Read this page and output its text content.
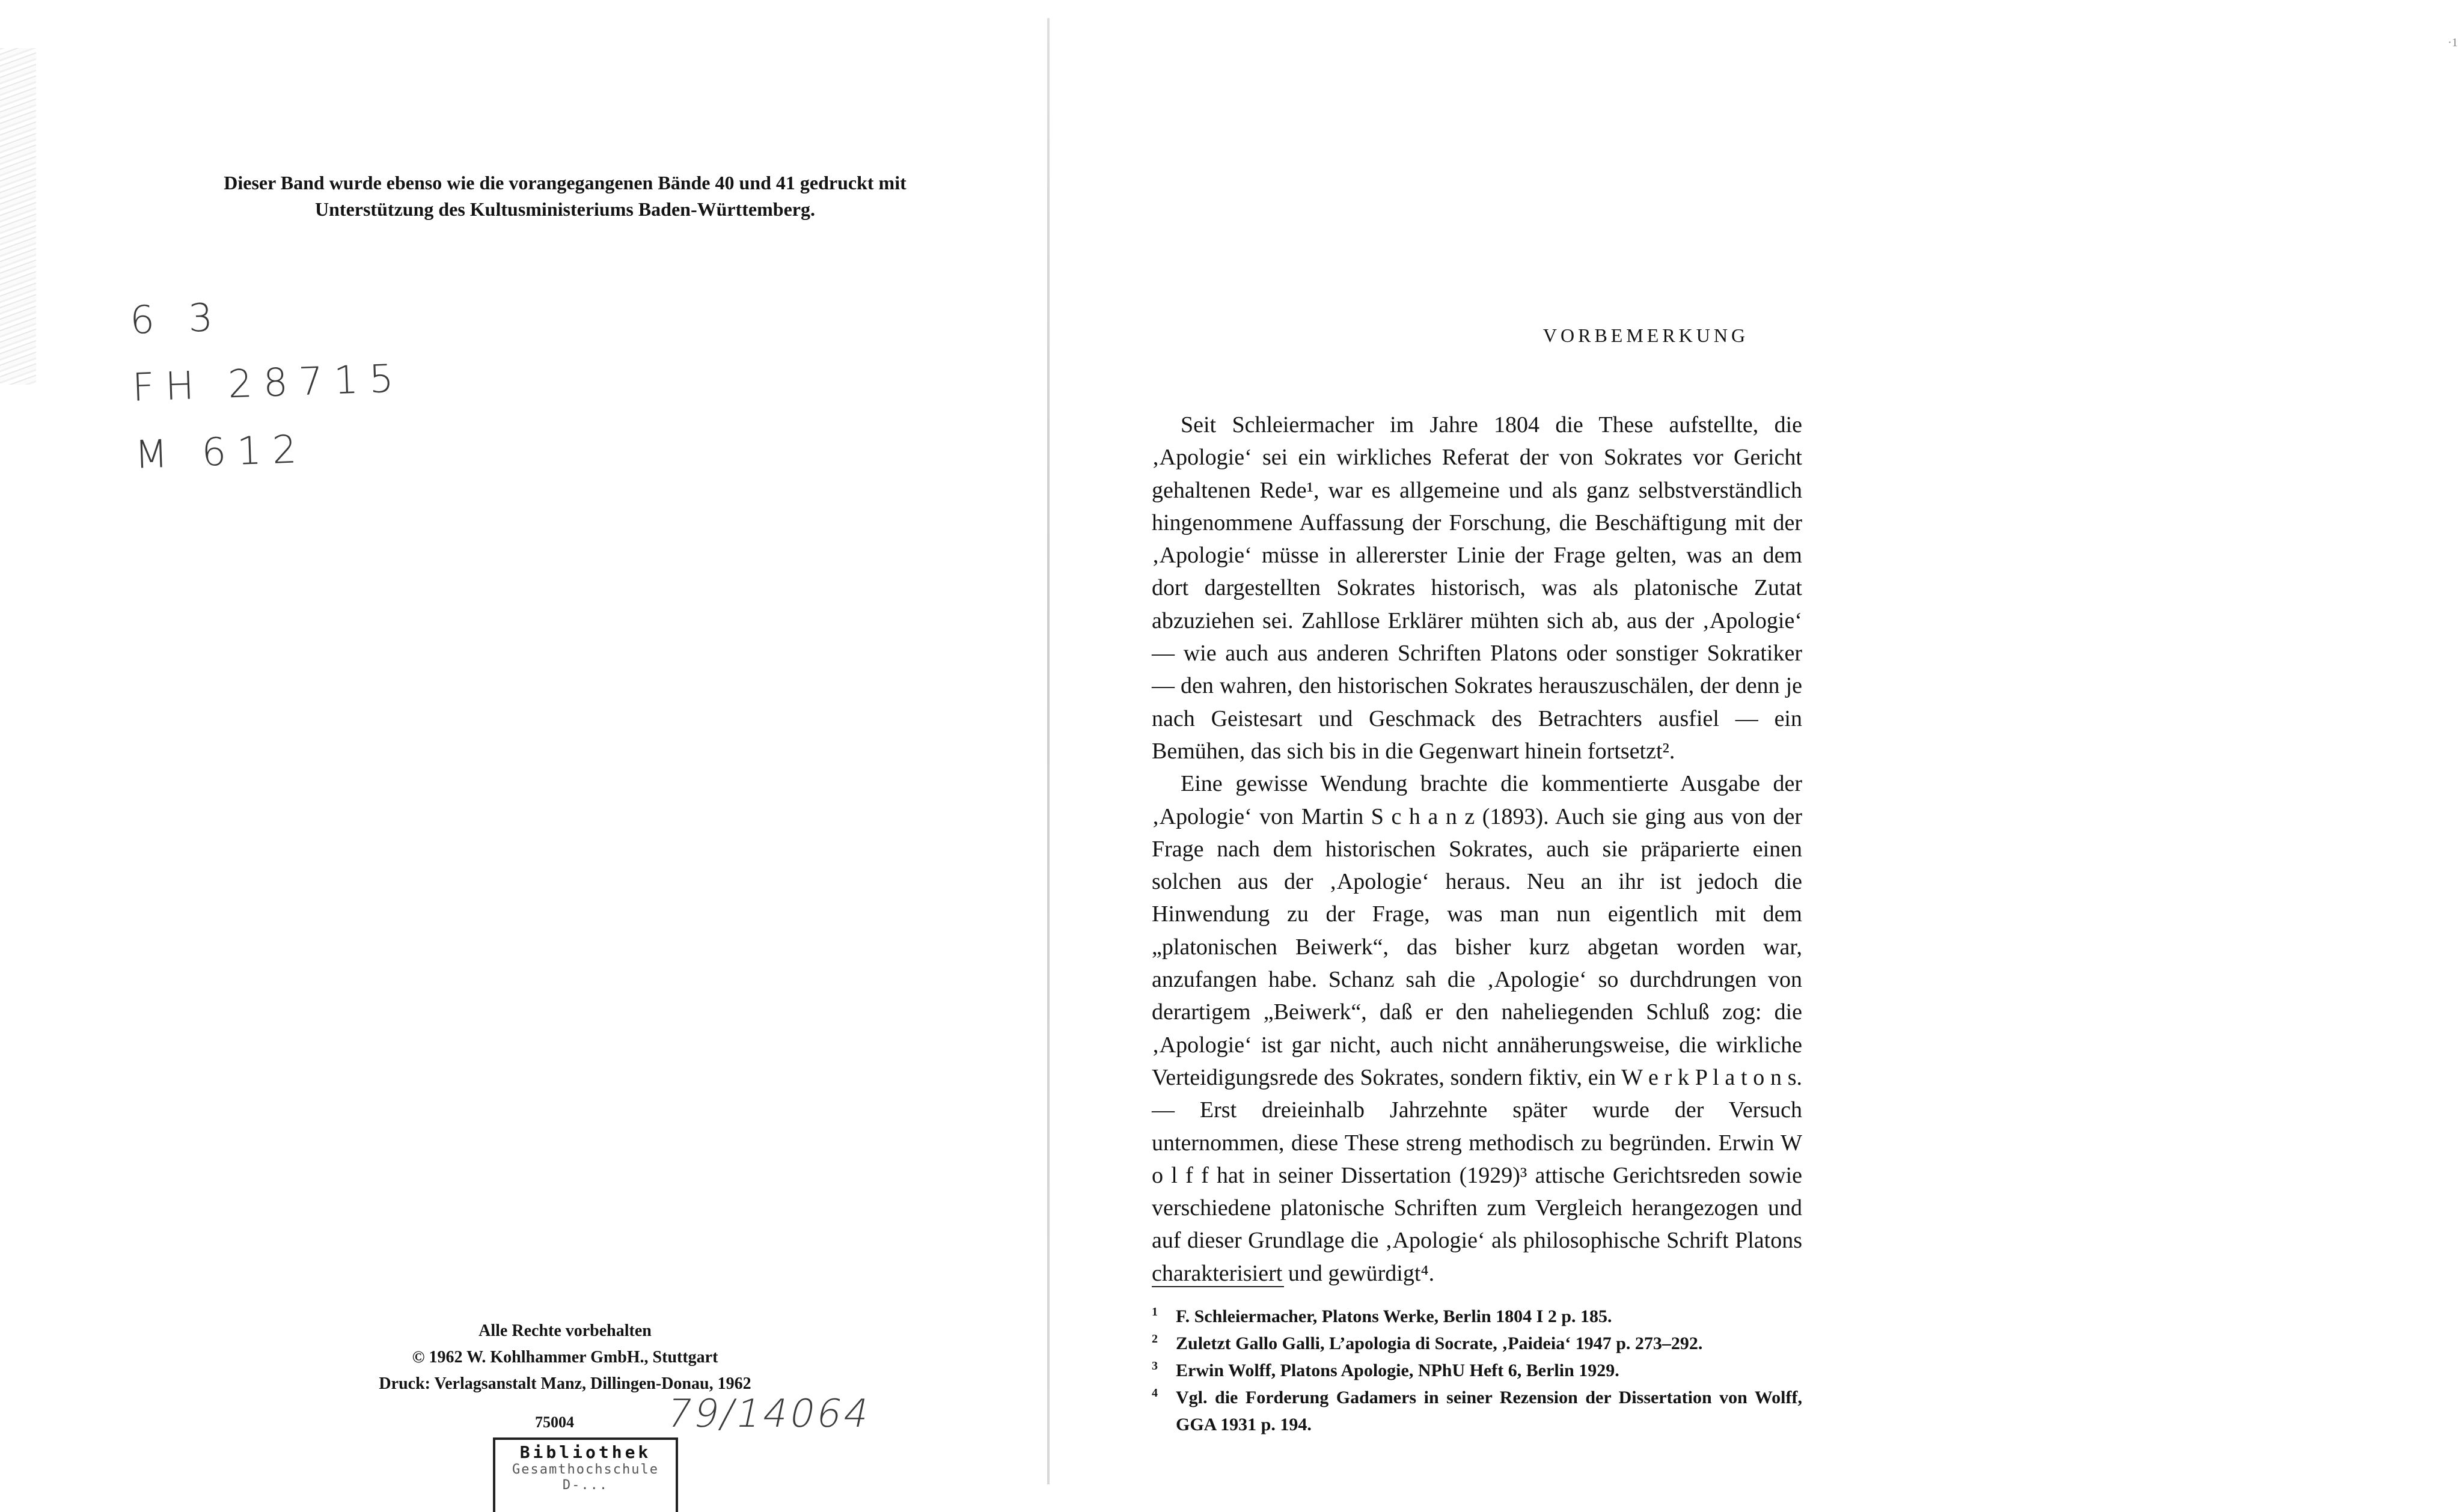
Dieser Band wurde ebenso wie die vorangegangenen Bände 40 und 41 gedruckt mit

Unterstützung des Kultusministeriums Baden-Württemberg.

6 3
FH 28715
M 612
Alle Rechte vorbehalten
© 1962 W. Kohlhammer GmbH., Stuttgart
Druck: Verlagsanstalt Manz, Dillingen-Donau, 1962
75004 79/14064
Bibliothek
Gesamthochschule
D-...
·1
VORBEMERKUNG

Seit Schleiermacher im Jahre 1804 die These aufstellte, die ‚Apologie‘ sei ein wirkliches Referat der von Sokrates vor Gericht gehaltenen Rede¹, war es allgemeine und als ganz selbstverständlich hingenommene Auffassung der Forschung, die Beschäftigung mit der ‚Apologie‘ müsse in allererster Linie der Frage gelten, was an dem dort dargestellten Sokrates historisch, was als platonische Zutat abzuziehen sei. Zahllose Erklärer mühten sich ab, aus der ‚Apologie‘ — wie auch aus anderen Schriften Platons oder sonstiger Sokratiker — den wahren, den historischen Sokrates herauszuschälen, der denn je nach Geistesart und Geschmack des Betrachters ausfiel — ein Bemühen, das sich bis in die Gegenwart hinein fortsetzt².

Eine gewisse Wendung brachte die kommentierte Ausgabe der ‚Apologie‘ von Martin S c h a n z (1893). Auch sie ging aus von der Frage nach dem historischen Sokrates, auch sie präparierte einen solchen aus der ‚Apologie‘ heraus. Neu an ihr ist jedoch die Hinwendung zu der Frage, was man nun eigentlich mit dem „platonischen Beiwerk“, das bisher kurz abgetan worden war, anzufangen habe. Schanz sah die ‚Apologie‘ so durchdrungen von derartigem „Beiwerk“, daß er den naheliegenden Schluß zog: die ‚Apologie‘ ist gar nicht, auch nicht annäherungsweise, die wirkliche Verteidigungsrede des Sokrates, sondern fiktiv, ein W e r k P l a t o n s. — Erst dreieinhalb Jahrzehnte später wurde der Versuch unternommen, diese These streng methodisch zu begründen. Erwin W o l f f hat in seiner Dissertation (1929)³ attische Gerichtsreden sowie verschiedene platonische Schriften zum Vergleich herangezogen und auf dieser Grundlage die ‚Apologie‘ als philosophische Schrift Platons charakterisiert und gewürdigt⁴.

1	F. Schleiermacher, Platons Werke, Berlin 1804 I 2 p. 185.
2	Zuletzt Gallo Galli, L’apologia di Socrate, ‚Paideia‘ 1947 p. 273–292.
3	Erwin Wolff, Platons Apologie, NPhU Heft 6, Berlin 1929.
4	Vgl. die Forderung Gadamers in seiner Rezension der Dissertation von Wolff, GGA 1931 p. 194.
